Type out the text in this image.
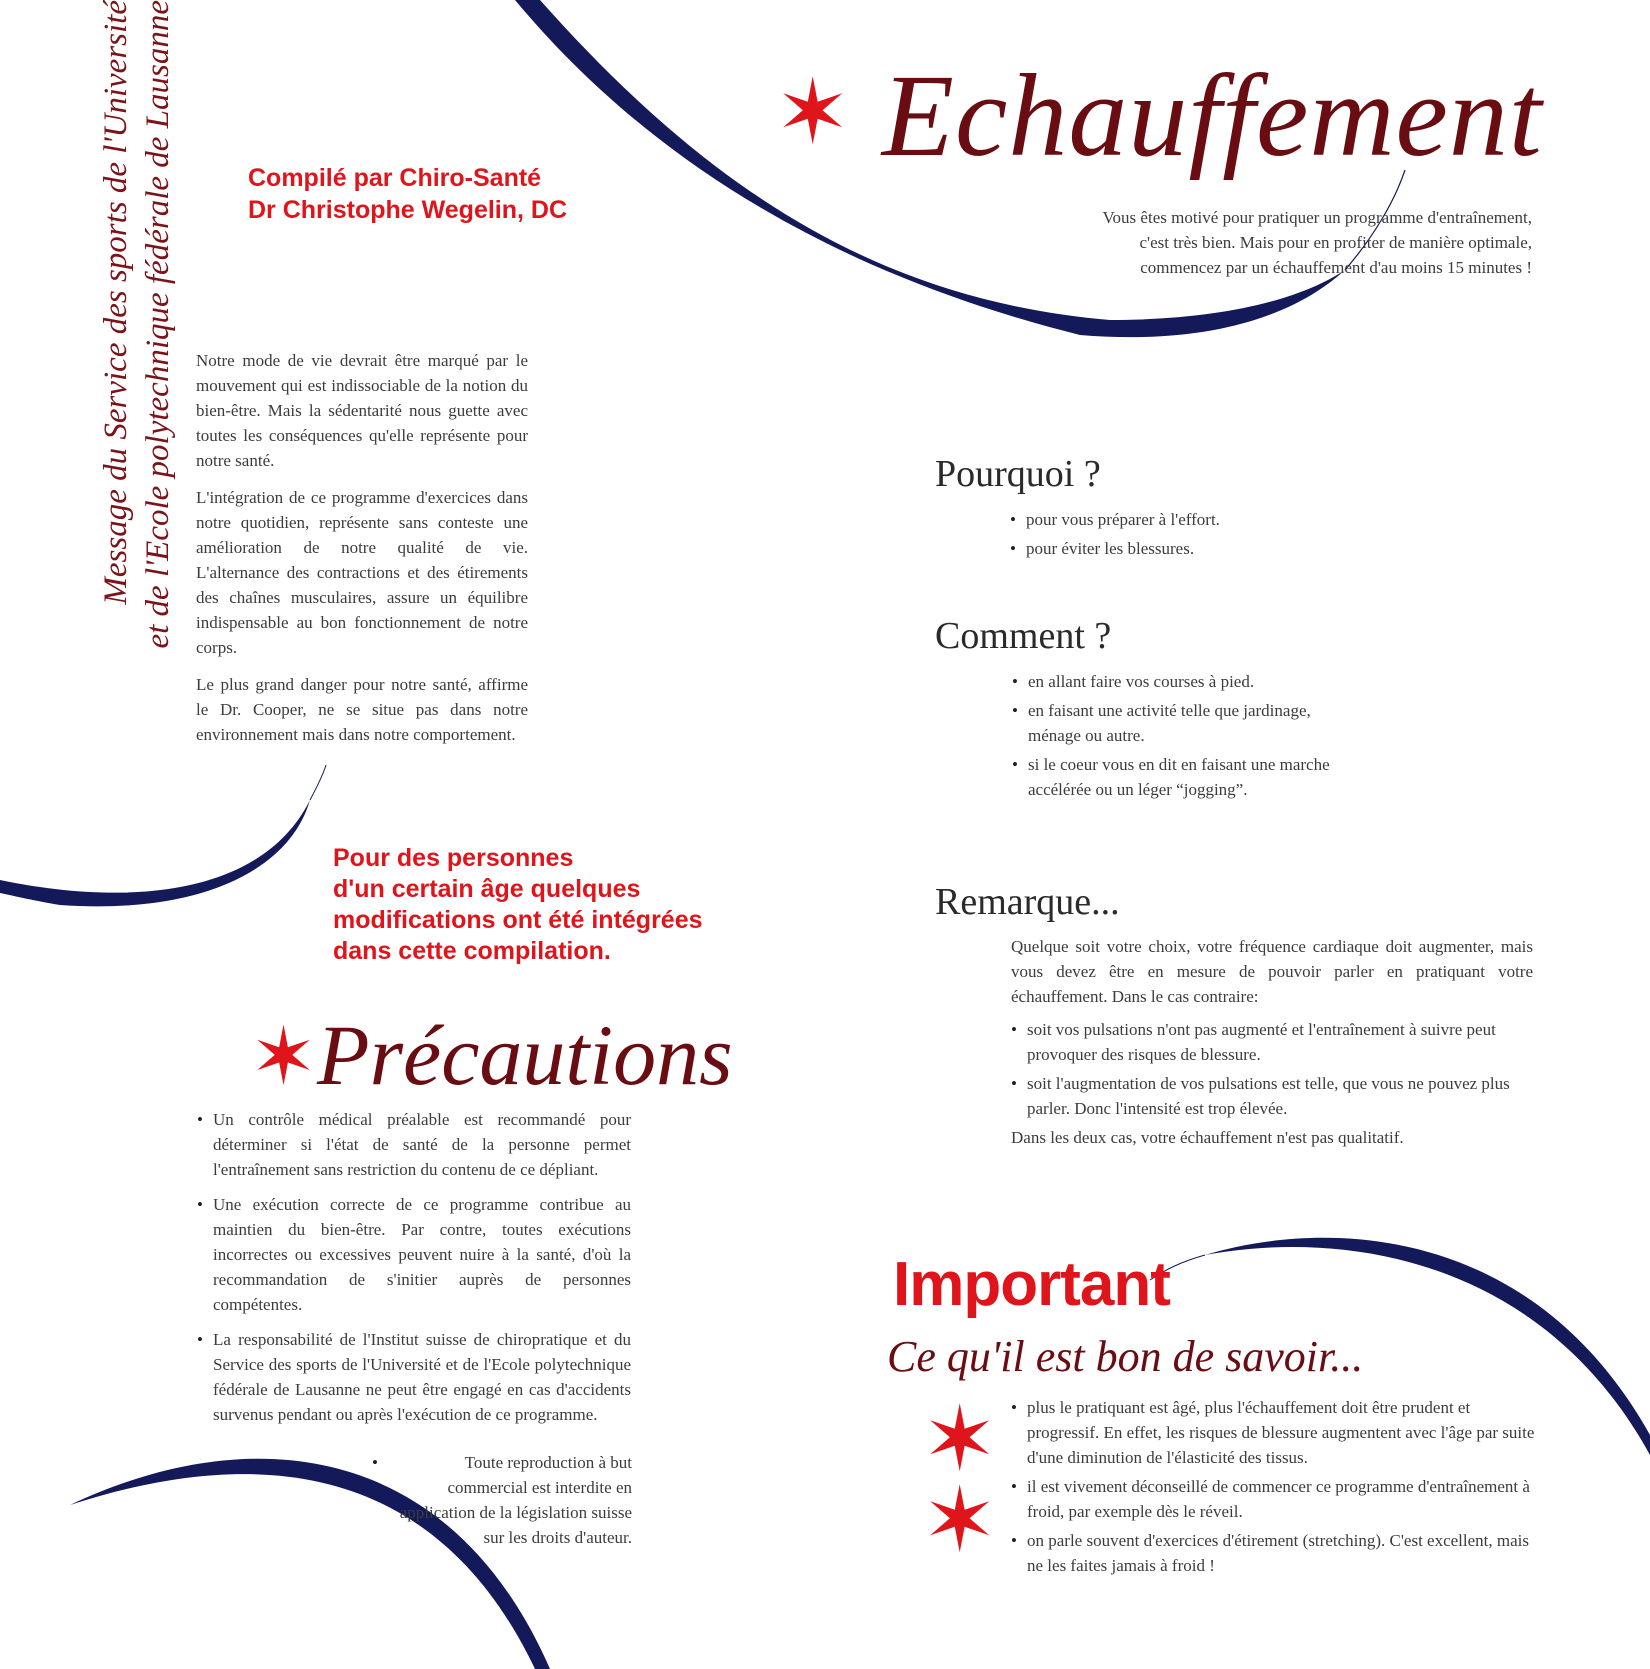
Message du Service des sports de l'Université et de l'Ecole polytechnique fédérale de Lausanne	Compilé par Chiro-Santé
Dr Christophe Wegelin, DC

Notre mode de vie devrait être marqué par le mouvement qui est indissociable de la notion du bien-être. Mais la sédentarité nous guette avec toutes les conséquences qu'elle représente pour notre santé.

L'intégration de ce programme d'exercices dans notre quotidien, représente sans conteste une amélioration de notre qualité de vie. L'alternance des contractions et des étirements des chaînes musculaires, assure un équilibre indispensable au bon fonctionnement de notre corps.

Le plus grand danger pour notre santé, affirme le Dr. Cooper, ne se situe pas dans notre environnement mais dans notre comportement.

Pour des personnes
d'un certain âge quelques
modifications ont été intégrées
dans cette compilation.
✶Précautions
• Un contrôle médical préalable est recommandé pour déterminer si l'état de santé de la personne permet l'entraînement sans restriction du contenu de ce dépliant.
• Une exécution correcte de ce programme contribue au maintien du bien-être. Par contre, toutes exécutions incorrectes ou excessives peuvent nuire à la santé, d'où la recommandation de s'initier auprès de personnes compétentes.
• La responsabilité de l'Institut suisse de chiropratique et du Service des sports de l'Université et de l'Ecole polytechnique fédérale de Lausanne ne peut être engagé en cas d'accidents survenus pendant ou après l'exécution de ce programme.
• Toute reproduction à but commercial est interdite en application de la législation suisse sur les droits d'auteur.
✶ Echauffement
Vous êtes motivé pour pratiquer un programme d'entraînement, c'est très bien. Mais pour en profiter de manière optimale, commencez par un échauffement d'au moins 15 minutes !
Pourquoi ?
• pour vous préparer à l'effort.
• pour éviter les blessures.
Comment ?
• en allant faire vos courses à pied.
• en faisant une activité telle que jardinage, ménage ou autre.
• si le coeur vous en dit en faisant une marche accélérée ou un léger “jogging”.
Remarque...
Quelque soit votre choix, votre fréquence cardiaque doit augmenter, mais vous devez être en mesure de pouvoir parler en pratiquant votre échauffement. Dans le cas contraire:
• soit vos pulsations n'ont pas augmenté et l'entraînement à suivre peut provoquer des risques de blessure.
• soit l'augmentation de vos pulsations est telle, que vous ne pouvez plus parler. Donc l'intensité est trop élevée.
Dans les deux cas, votre échauffement n'est pas qualitatif.
Important
Ce qu'il est bon de savoir...
✶
✶
• plus le pratiquant est âgé, plus l'échauffement doit être prudent et progressif. En effet, les risques de blessure augmentent avec l'âge par suite d'une diminution de l'élasticité des tissus.
• il est vivement déconseillé de commencer ce programme d'entraînement à froid, par exemple dès le réveil.
• on parle souvent d'exercices d'étirement (stretching). C'est excellent, mais ne les faites jamais à froid !
